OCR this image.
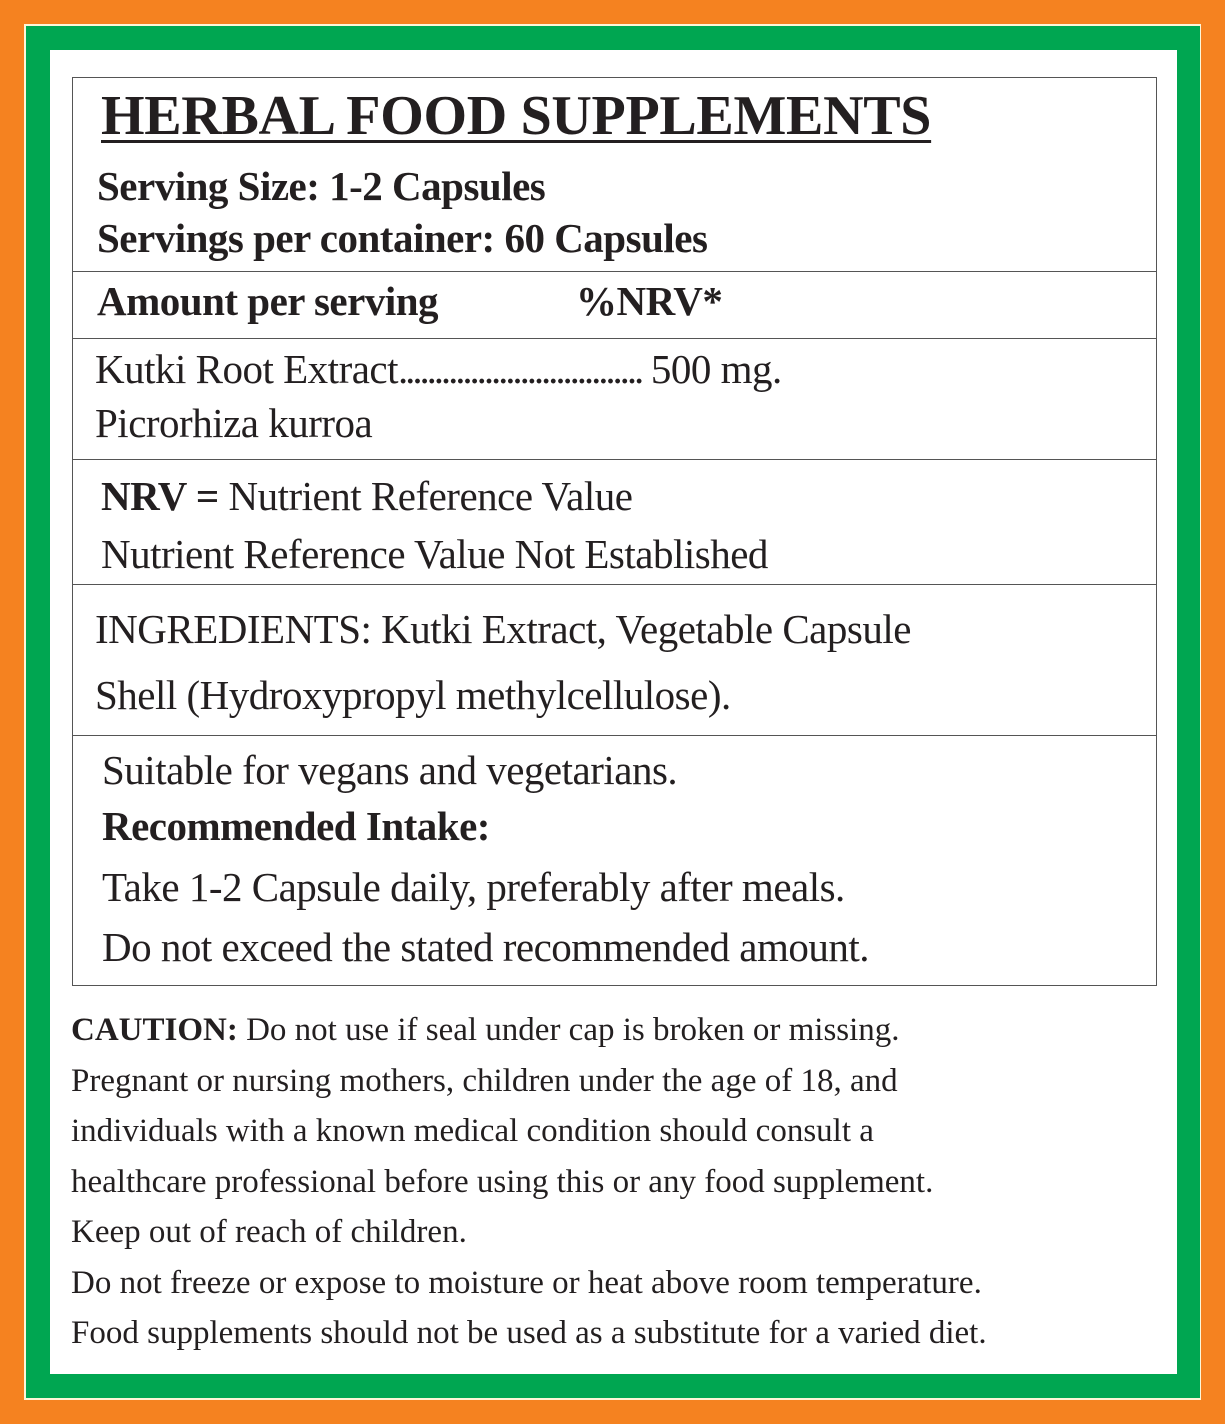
HERBAL FOOD SUPPLEMENTS
Serving Size: 1-2 Capsules
Servings per container: 60 Capsules
Amount per serving	%NRV*
Kutki Root Extract.................................. 500 mg.
Picrorhiza kurroa
NRV = Nutrient Reference Value
Nutrient Reference Value Not Established
INGREDIENTS: Kutki Extract, Vegetable Capsule
Shell (Hydroxypropyl methylcellulose).
Suitable for vegans and vegetarians.
Recommended Intake:
Take 1-2 Capsule daily, preferably after meals.
Do not exceed the stated recommended amount.
CAUTION: Do not use if seal under cap is broken or missing.
Pregnant or nursing mothers, children under the age of 18, and
individuals with a known medical condition should consult a
healthcare professional before using this or any food supplement.
Keep out of reach of children.
Do not freeze or expose to moisture or heat above room temperature.
Food supplements should not be used as a substitute for a varied diet.
